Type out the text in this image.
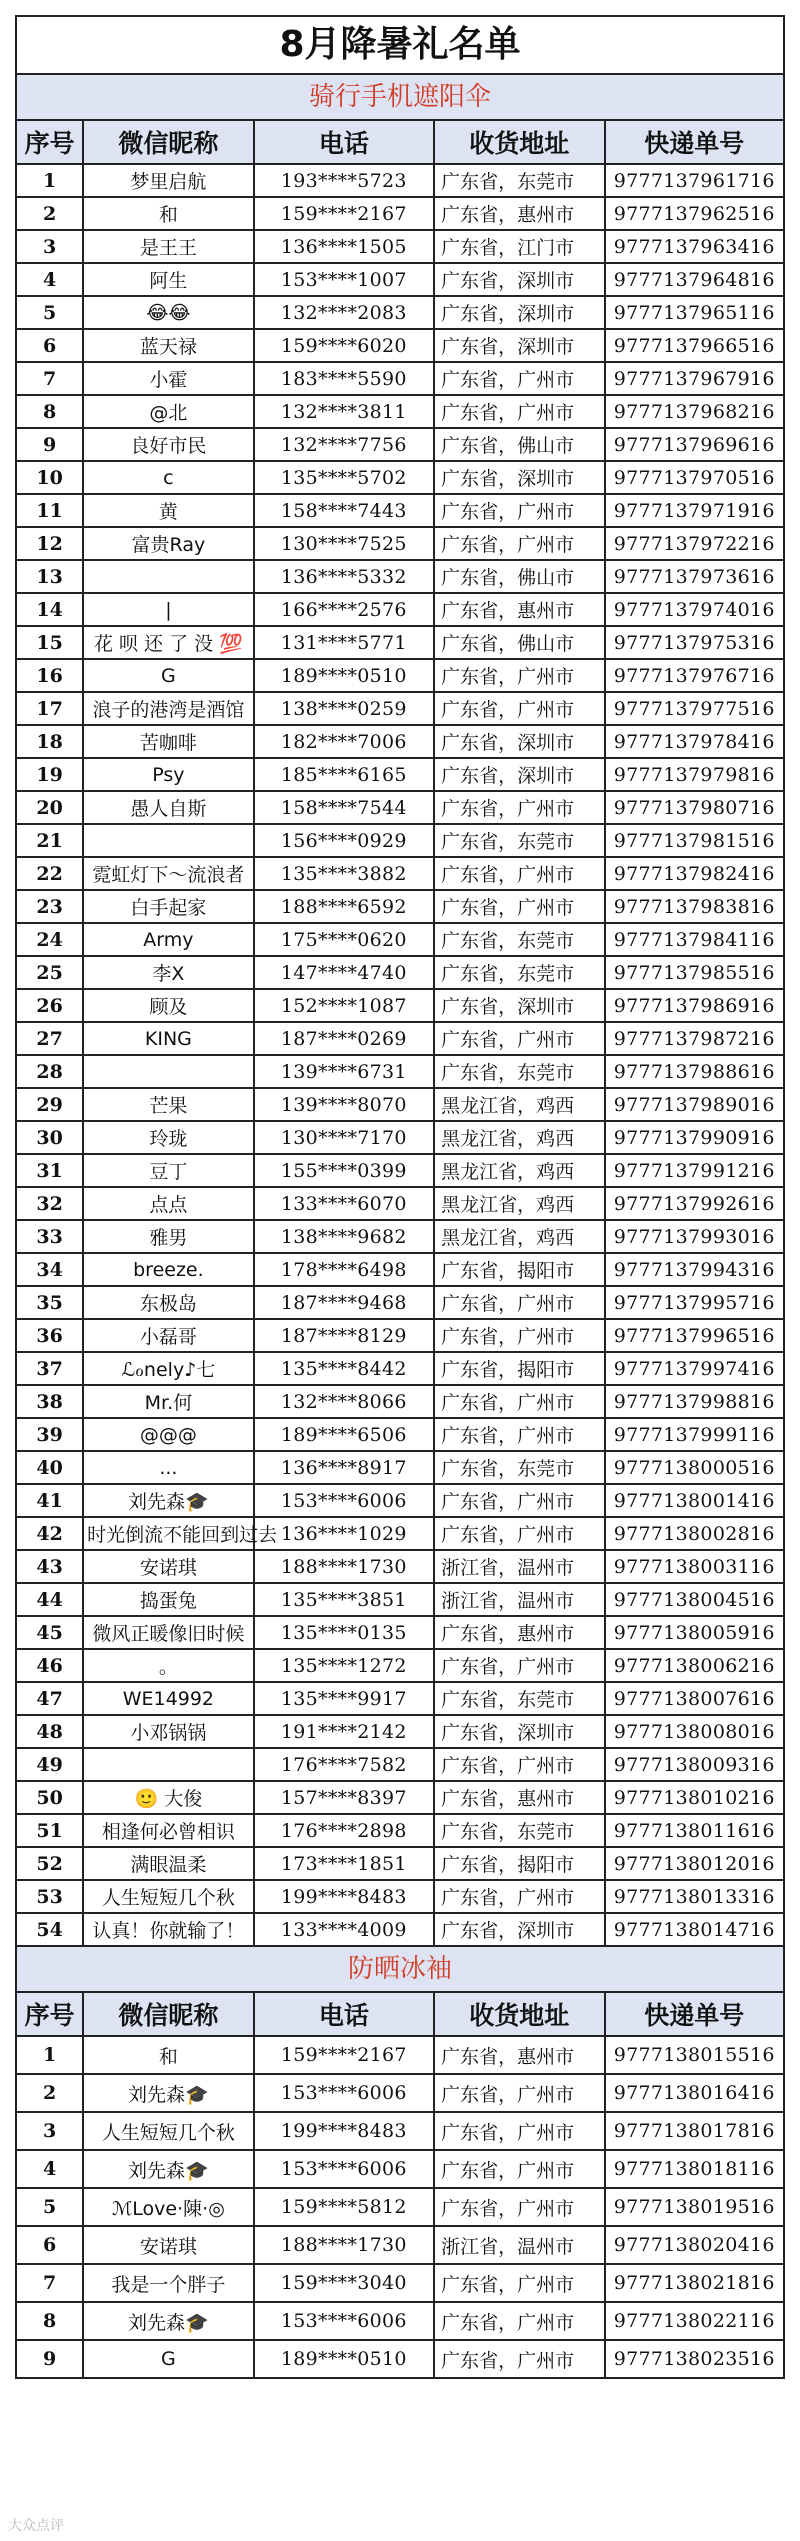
8月降暑礼名单
骑行手机遮阳伞
序号	微信昵称	电话	收货地址	快递单号
1	梦里启航	193****5723	广东省，东莞市	9777137961716
2	和	159****2167	广东省，惠州市	9777137962516
3	是王王	136****1505	广东省，江门市	9777137963416
4	阿生	153****1007	广东省，深圳市	9777137964816
5	😂😂	132****2083	广东省，深圳市	9777137965116
6	蓝天禄	159****6020	广东省，深圳市	9777137966516
7	小霍	183****5590	广东省，广州市	9777137967916
8	@北	132****3811	广东省，广州市	9777137968216
9	良好市民	132****7756	广东省，佛山市	9777137969616
10	c	135****5702	广东省，深圳市	9777137970516
11	黄	158****7443	广东省，广州市	9777137971916
12	富贵Ray	130****7525	广东省，广州市	9777137972216
13		136****5332	广东省，佛山市	9777137973616
14	|	166****2576	广东省，惠州市	9777137974016
15	花 呗 还 了 没 💯	131****5771	广东省，佛山市	9777137975316
16	G	189****0510	广东省，广州市	9777137976716
17	浪子的港湾是酒馆	138****0259	广东省，广州市	9777137977516
18	苦咖啡	182****7006	广东省，深圳市	9777137978416
19	Psy	185****6165	广东省，深圳市	9777137979816
20	愚人自斯	158****7544	广东省，广州市	9777137980716
21		156****0929	广东省，东莞市	9777137981516
22	霓虹灯下～流浪者	135****3882	广东省，广州市	9777137982416
23	白手起家	188****6592	广东省，广州市	9777137983816
24	Army	175****0620	广东省，东莞市	9777137984116
25	李X	147****4740	广东省，东莞市	9777137985516
26	顾及	152****1087	广东省，深圳市	9777137986916
27	KING	187****0269	广东省，广州市	9777137987216
28		139****6731	广东省，东莞市	9777137988616
29	芒果	139****8070	黑龙江省，鸡西	9777137989016
30	玲珑	130****7170	黑龙江省，鸡西	9777137990916
31	豆丁	155****0399	黑龙江省，鸡西	9777137991216
32	点点	133****6070	黑龙江省，鸡西	9777137992616
33	雅男	138****9682	黑龙江省，鸡西	9777137993016
34	breeze.	178****6498	广东省，揭阳市	9777137994316
35	东极岛	187****9468	广东省，广州市	9777137995716
36	小磊哥	187****8129	广东省，广州市	9777137996516
37	ℒℴnely♪七	135****8442	广东省，揭阳市	9777137997416
38	Mr.何	132****8066	广东省，广州市	9777137998816
39	@@@	189****6506	广东省，广州市	9777137999116
40	...	136****8917	广东省，东莞市	9777138000516
41	刘先森🎓	153****6006	广东省，广州市	9777138001416
42	时光倒流不能回到过去	136****1029	广东省，广州市	9777138002816
43	安诺琪	188****1730	浙江省，温州市	9777138003116
44	捣蛋兔	135****3851	浙江省，温州市	9777138004516
45	微风正暖像旧时候	135****0135	广东省，惠州市	9777138005916
46	。	135****1272	广东省，广州市	9777138006216
47	WE14992	135****9917	广东省，东莞市	9777138007616
48	小邓锅锅	191****2142	广东省，深圳市	9777138008016
49		176****7582	广东省，广州市	9777138009316
50	🙂 大俊	157****8397	广东省，惠州市	9777138010216
51	相逢何必曾相识	176****2898	广东省，东莞市	9777138011616
52	满眼温柔	173****1851	广东省，揭阳市	9777138012016
53	人生短短几个秋	199****8483	广东省，广州市	9777138013316
54	认真！你就输了！	133****4009	广东省，深圳市	9777138014716
防晒冰袖
序号	微信昵称	电话	收货地址	快递单号
1	和	159****2167	广东省，惠州市	9777138015516
2	刘先森🎓	153****6006	广东省，广州市	9777138016416
3	人生短短几个秋	199****8483	广东省，广州市	9777138017816
4	刘先森🎓	153****6006	广东省，广州市	9777138018116
5	ℳLove·陳·◎	159****5812	广东省，广州市	9777138019516
6	安诺琪	188****1730	浙江省，温州市	9777138020416
7	我是一个胖子	159****3040	广东省，广州市	9777138021816
8	刘先森🎓	153****6006	广东省，广州市	9777138022116
9	G	189****0510	广东省，广州市	9777138023516
大众点评
